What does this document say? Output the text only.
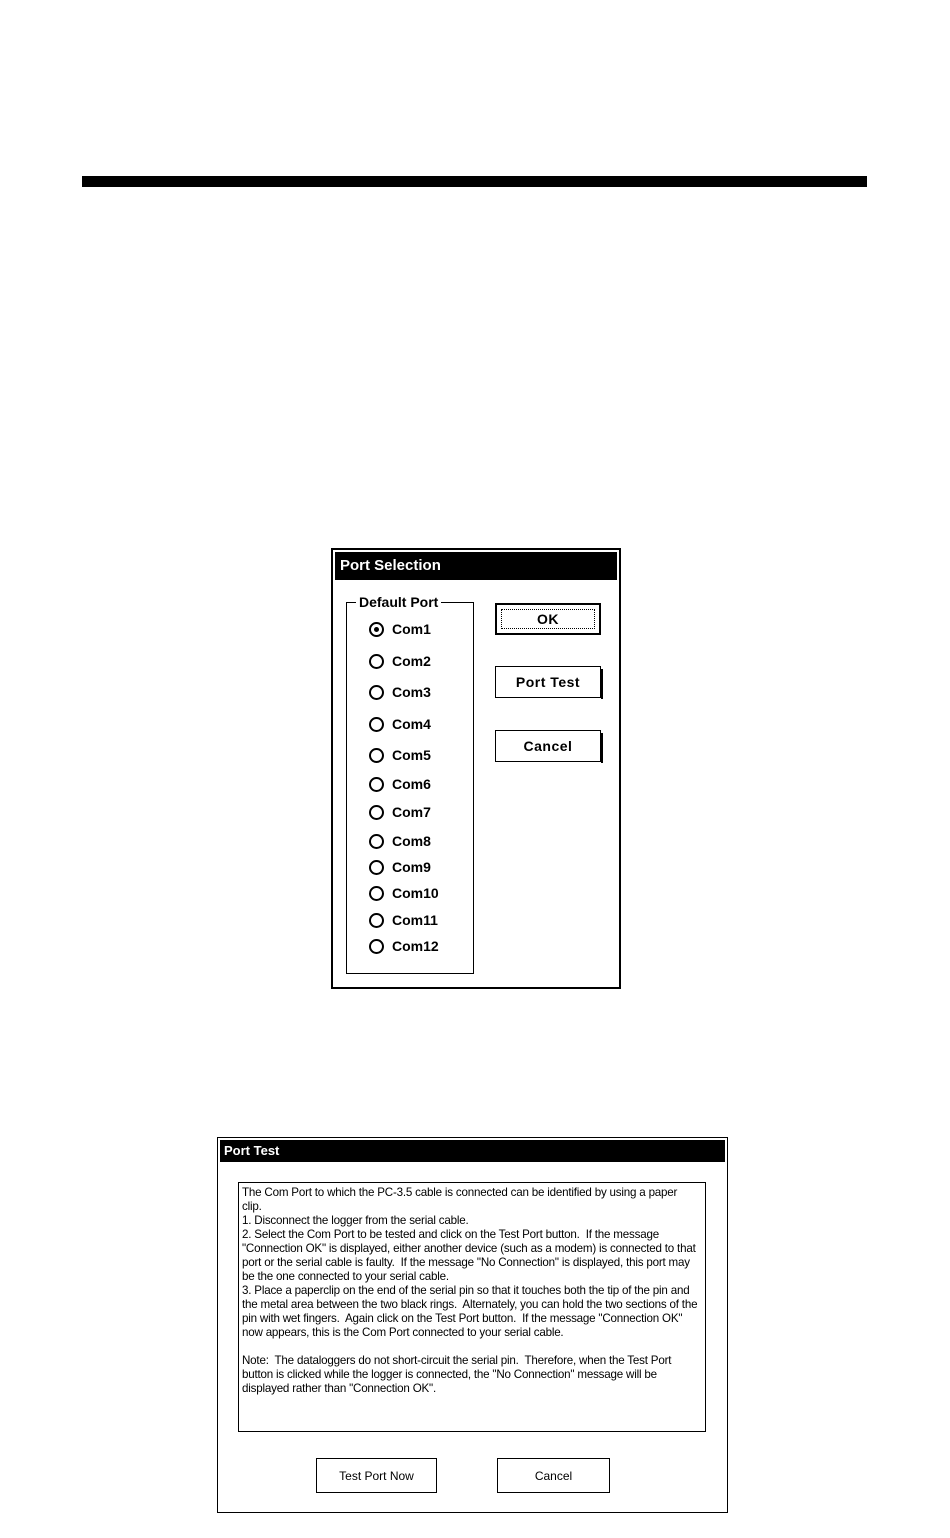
Port Selection
Default Port
Com1
Com2
Com3
Com4
Com5
Com6
Com7
Com8
Com9
Com10
Com11
Com12
OK
Port Test
Cancel
Port Test

The Com Port to which the PC-3.5 cable is connected can be identified by using a paper clip.

1. Disconnect the logger from the serial cable.

2. Select the Com Port to be tested and click on the Test Port button.  If the message "Connection OK" is displayed, either another device (such as a modem) is connected to that port or the serial cable is faulty.  If the message "No Connection" is displayed, this port may be the one connected to your serial cable.

3. Place a paperclip on the end of the serial pin so that it touches both the tip of the pin and the metal area between the two black rings.  Alternately, you can hold the two sections of the pin with wet fingers.  Again click on the Test Port button.  If the message "Connection OK" now appears, this is the Com Port connected to your serial cable.

Note:  The dataloggers do not short-circuit the serial pin.  Therefore, when the Test Port button is clicked while the logger is connected, the "No Connection" message will be displayed rather than "Connection OK".

Test Port Now	Cancel
